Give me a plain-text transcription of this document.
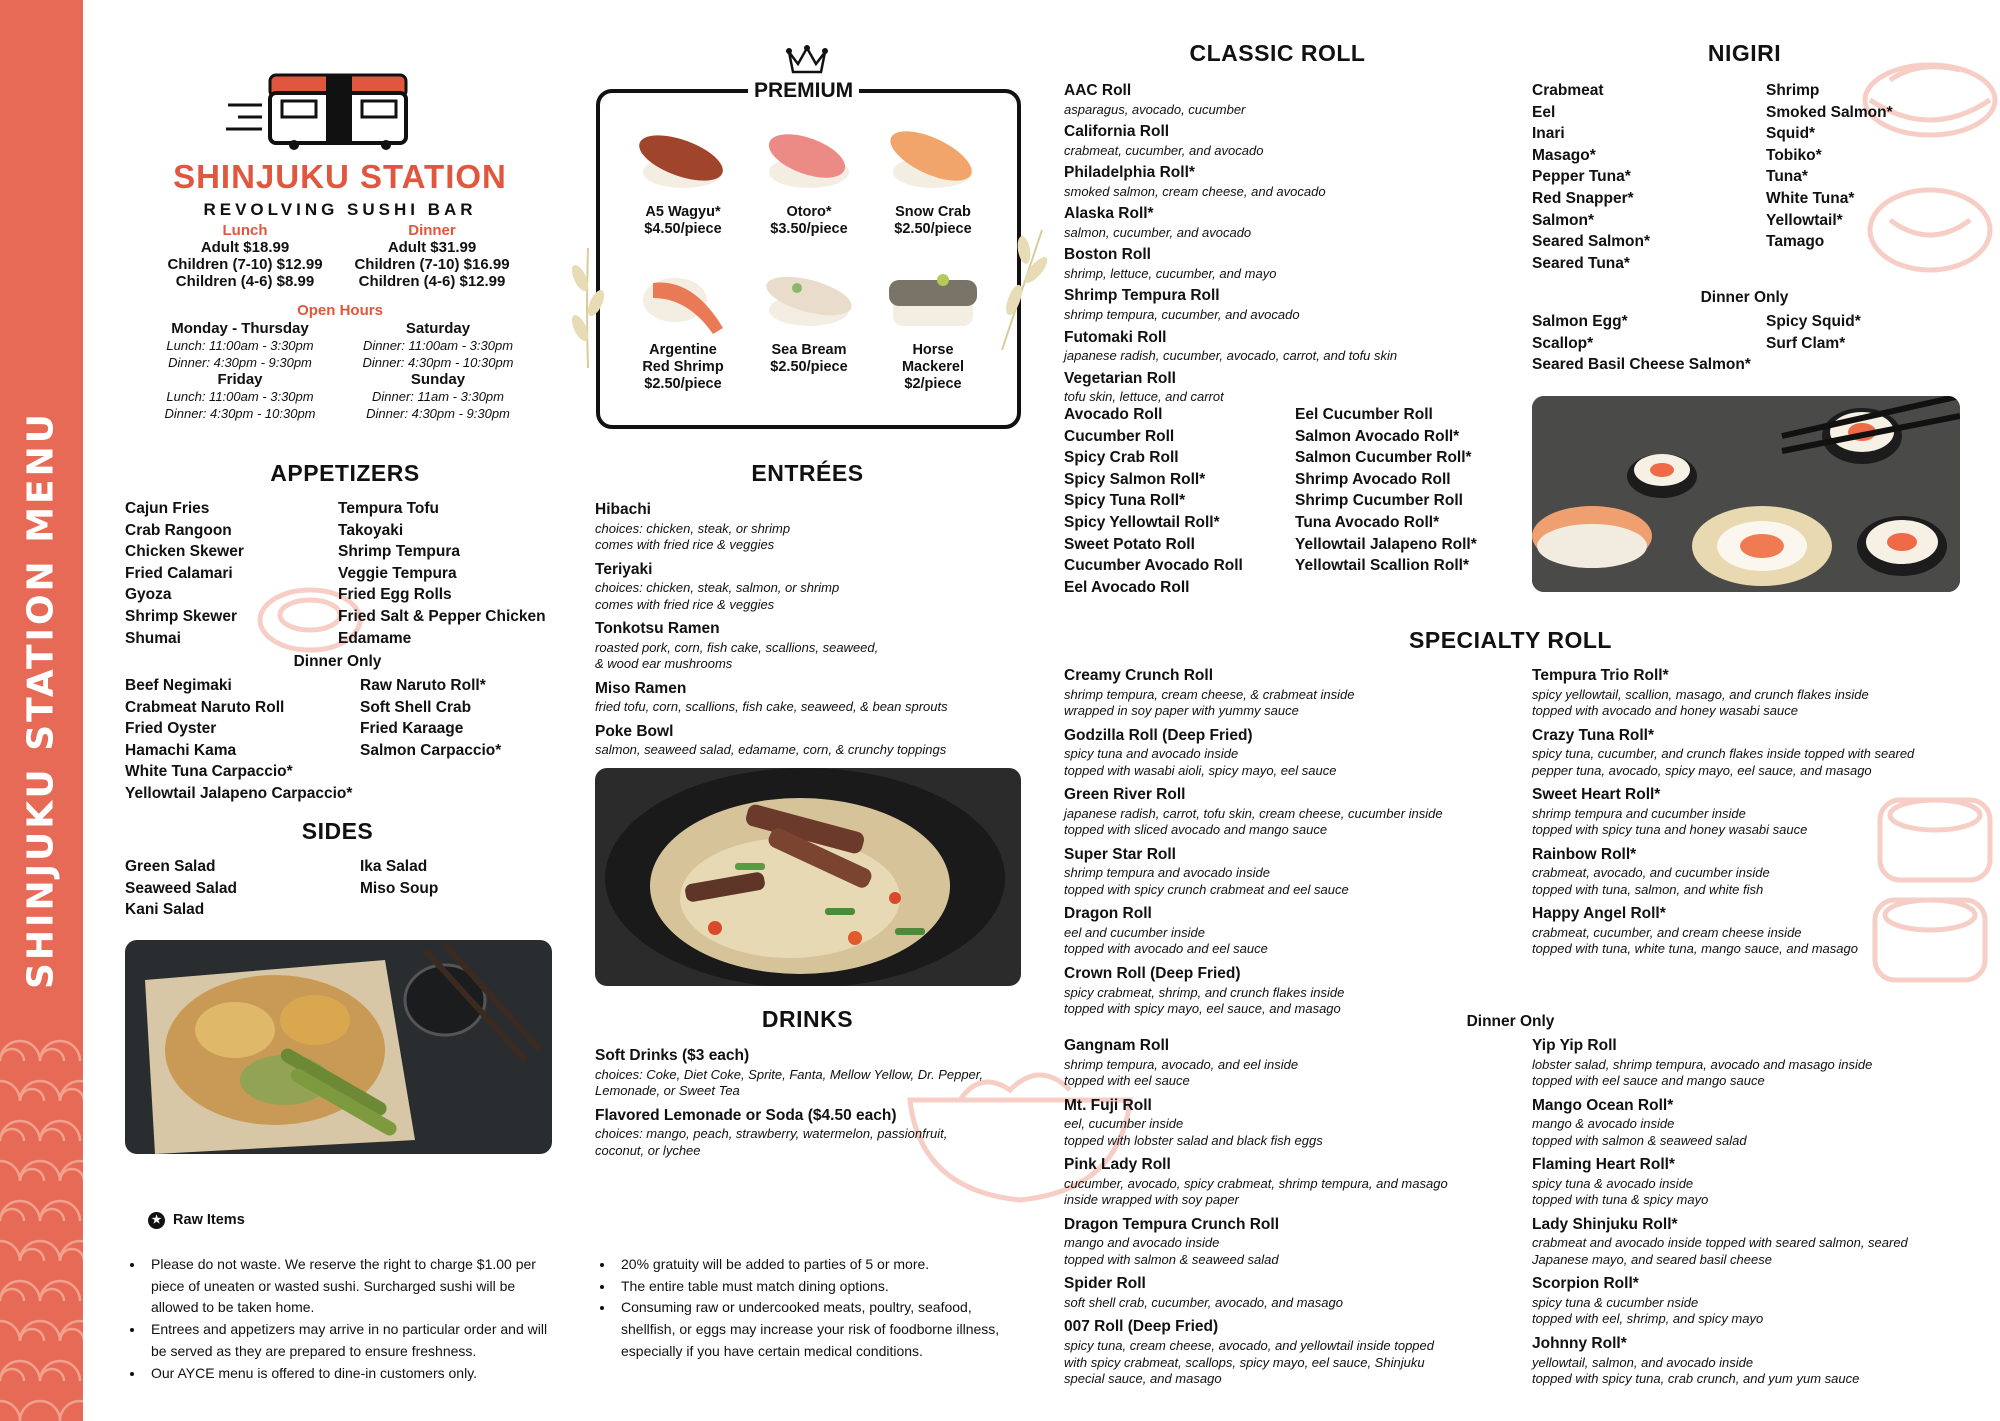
SHINJUKU STATION MENU
SHINJUKU STATION
REVOLVING SUSHI BAR
Lunch
Adult $18.99
Children (7-10) $12.99
Children (4-6) $8.99
Dinner
Adult $31.99
Children (7-10) $16.99
Children (4-6) $12.99
Open Hours
Monday - Thursday
Lunch: 11:00am - 3:30pm
Dinner: 4:30pm - 9:30pm
Friday
Lunch: 11:00am - 3:30pm
Dinner: 4:30pm - 10:30pm
Saturday
Dinner: 11:00am - 3:30pm
Dinner: 4:30pm - 10:30pm
Sunday
Dinner: 11am - 3:30pm
Dinner: 4:30pm - 9:30pm
APPETIZERS
Cajun Fries
Crab Rangoon
Chicken Skewer
Fried Calamari
Gyoza
Shrimp Skewer
Shumai
Tempura Tofu
Takoyaki
Shrimp Tempura
Veggie Tempura
Fried Egg Rolls
Fried Salt & Pepper Chicken
Edamame
Dinner Only
Beef Negimaki
Crabmeat Naruto Roll
Fried Oyster
Hamachi Kama
White Tuna Carpaccio*
Yellowtail Jalapeno Carpaccio*
Raw Naruto Roll*
Soft Shell Crab
Fried Karaage
Salmon Carpaccio*
SIDES
Green Salad
Seaweed Salad
Kani Salad
Ika Salad
Miso Soup
★ Raw Items
• Please do not waste. We reserve the right to charge $1.00 per piece of uneaten or wasted sushi. Surcharged sushi will be allowed to be taken home.
• Entrees and appetizers may arrive in no particular order and will be served as they are prepared to ensure freshness.
• Our AYCE menu is offered to dine-in customers only.
• 20% gratuity will be added to parties of 5 or more.
• The entire table must match dining options.
• Consuming raw or undercooked meats, poultry, seafood, shellfish, or eggs may increase your risk of foodborne illness, especially if you have certain medical conditions.
PREMIUM
A5 Wagyu*
$4.50/piece
Otoro*
$3.50/piece
Snow Crab
$2.50/piece
Argentine
Red Shrimp
$2.50/piece
Sea Bream
$2.50/piece
Horse
Mackerel
$2/piece
ENTRÉES
Hibachi
choices: chicken, steak, or shrimp
comes with fried rice & veggies
Teriyaki
choices: chicken, steak, salmon, or shrimp
comes with fried rice & veggies
Tonkotsu Ramen
roasted pork, corn, fish cake, scallions, seaweed,
& wood ear mushrooms
Miso Ramen
fried tofu, corn, scallions, fish cake, seaweed, & bean sprouts
Poke Bowl
salmon, seaweed salad, edamame, corn, & crunchy toppings
DRINKS
Soft Drinks ($3 each)
choices: Coke, Diet Coke, Sprite, Fanta, Mellow Yellow, Dr. Pepper,
Lemonade, or Sweet Tea
Flavored Lemonade or Soda ($4.50 each)
choices: mango, peach, strawberry, watermelon, passionfruit,
coconut, or lychee
CLASSIC ROLL
AAC Roll
asparagus, avocado, cucumber
California Roll
crabmeat, cucumber, and avocado
Philadelphia Roll*
smoked salmon, cream cheese, and avocado
Alaska Roll*
salmon, cucumber, and avocado
Boston Roll
shrimp, lettuce, cucumber, and mayo
Shrimp Tempura Roll
shrimp tempura, cucumber, and avocado
Futomaki Roll
japanese radish, cucumber, avocado, carrot, and tofu skin
Vegetarian Roll
tofu skin, lettuce, and carrot
Avocado Roll
Cucumber Roll
Spicy Crab Roll
Spicy Salmon Roll*
Spicy Tuna Roll*
Spicy Yellowtail Roll*
Sweet Potato Roll
Cucumber Avocado Roll
Eel Avocado Roll
Eel Cucumber Roll
Salmon Avocado Roll*
Salmon Cucumber Roll*
Shrimp Avocado Roll
Shrimp Cucumber Roll
Tuna Avocado Roll*
Yellowtail Jalapeno Roll*
Yellowtail Scallion Roll*
NIGIRI
Crabmeat
Eel
Inari
Masago*
Pepper Tuna*
Red Snapper*
Salmon*
Seared Salmon*
Seared Tuna*
Shrimp
Smoked Salmon*
Squid*
Tobiko*
Tuna*
White Tuna*
Yellowtail*
Tamago
Dinner Only
Salmon Egg*
Scallop*
Seared Basil Cheese Salmon*
Spicy Squid*
Surf Clam*
SPECIALTY ROLL
Creamy Crunch Roll
shrimp tempura, cream cheese, & crabmeat inside
wrapped in soy paper with yummy sauce
Godzilla Roll (Deep Fried)
spicy tuna and avocado inside
topped with wasabi aioli, spicy mayo, eel sauce
Green River Roll
japanese radish, carrot, tofu skin, cream cheese, cucumber inside
topped with sliced avocado and mango sauce
Super Star Roll
shrimp tempura and avocado inside
topped with spicy crunch crabmeat and eel sauce
Dragon Roll
eel and cucumber inside
topped with avocado and eel sauce
Crown Roll (Deep Fried)
spicy crabmeat, shrimp, and crunch flakes inside
topped with spicy mayo, eel sauce, and masago
Tempura Trio Roll*
spicy yellowtail, scallion, masago, and crunch flakes inside
topped with avocado and honey wasabi sauce
Crazy Tuna Roll*
spicy tuna, cucumber, and crunch flakes inside topped with seared
pepper tuna, avocado, spicy mayo, eel sauce, and masago
Sweet Heart Roll*
shrimp tempura and cucumber inside
topped with spicy tuna and honey wasabi sauce
Rainbow Roll*
crabmeat, avocado, and cucumber inside
topped with tuna, salmon, and white fish
Happy Angel Roll*
crabmeat, cucumber, and cream cheese inside
topped with tuna, white tuna, mango sauce, and masago
Dinner Only
Gangnam Roll
shrimp tempura, avocado, and eel inside
topped with eel sauce
Mt. Fuji Roll
eel, cucumber inside
topped with lobster salad and black fish eggs
Pink Lady Roll
cucumber, avocado, spicy crabmeat, shrimp tempura, and masago
inside wrapped with soy paper
Dragon Tempura Crunch Roll
mango and avocado inside
topped with salmon & seaweed salad
Spider Roll
soft shell crab, cucumber, avocado, and masago
007 Roll (Deep Fried)
spicy tuna, cream cheese, avocado, and yellowtail inside topped
with spicy crabmeat, scallops, spicy mayo, eel sauce, Shinjuku
special sauce, and masago
Yip Yip Roll
lobster salad, shrimp tempura, avocado and masago inside
topped with eel sauce and mango sauce
Mango Ocean Roll*
mango & avocado inside
topped with salmon & seaweed salad
Flaming Heart Roll*
spicy tuna & avocado inside
topped with tuna & spicy mayo
Lady Shinjuku Roll*
crabmeat and avocado inside topped with seared salmon, seared
Japanese mayo, and seared basil cheese
Scorpion Roll*
spicy tuna & cucumber nside
topped with eel, shrimp, and spicy mayo
Johnny Roll*
yellowtail, salmon, and avocado inside
topped with spicy tuna, crab crunch, and yum yum sauce
